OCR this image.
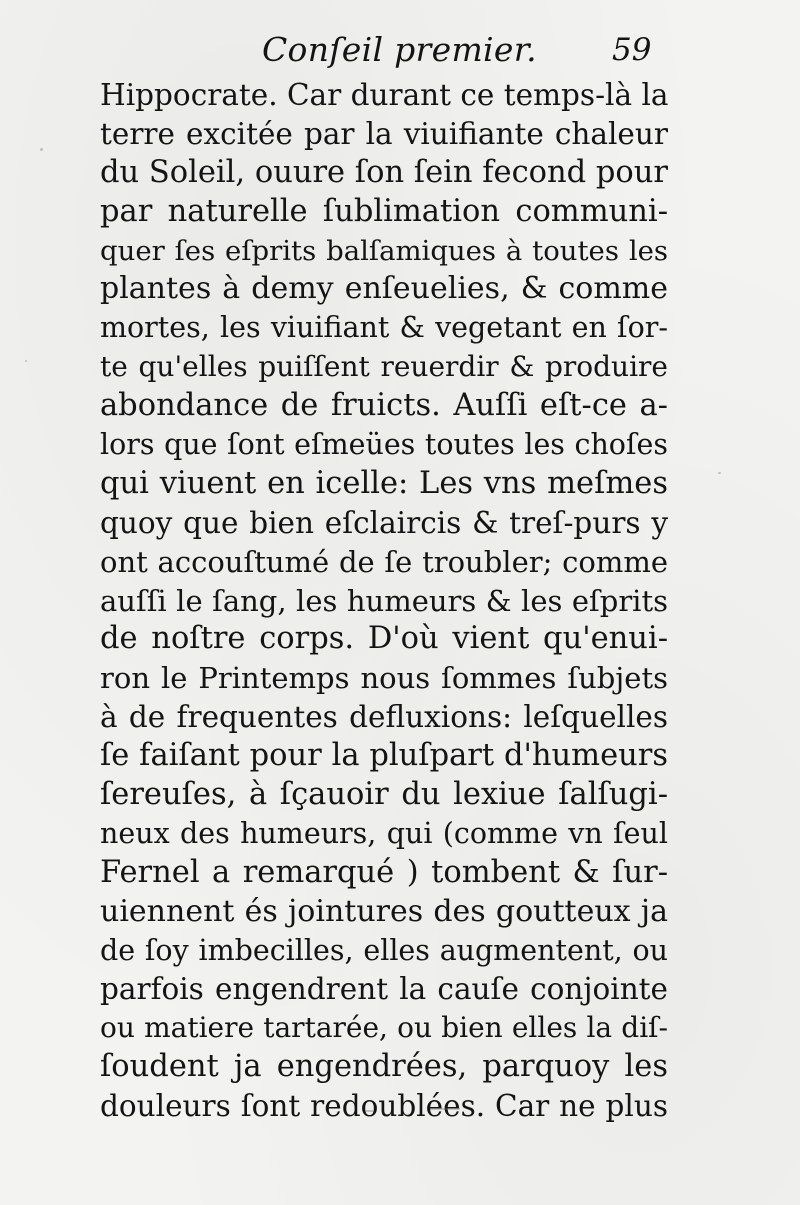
Conſeil premier. 59
Hippocrate. Car durant ce temps-là la
terre excitée par la viuifiante chaleur
du Soleil, ouure ſon ſein fecond pour
par naturelle ſublimation communi-
quer ſes eſprits balſamiques à toutes les
plantes à demy enſeuelies, & comme
mortes, les viuifiant & vegetant en ſor-
te qu'elles puiſſent reuerdir & produire
abondance de fruicts. Auſſi eſt-ce a-
lors que ſont eſmeües toutes les choſes
qui viuent en icelle: Les vns meſmes
quoy que bien eſclaircis & treſ-purs y
ont accouſtumé de ſe troubler; comme
auſſi le ſang, les humeurs & les eſprits
de noſtre corps. D'où vient qu'enui-
ron le Printemps nous ſommes ſubjets
à de frequentes defluxions: leſquelles
ſe faiſant pour la pluſpart d'humeurs
ſereuſes, à ſçauoir du lexiue ſalſugi-
neux des humeurs, qui (comme vn ſeul
Fernel a remarqué ) tombent & ſur-
uiennent és jointures des goutteux ja
de ſoy imbecilles, elles augmentent, ou
parfois engendrent la cauſe conjointe
ou matiere tartarée, ou bien elles la diſ-
ſoudent ja engendrées, parquoy les
douleurs ſont redoublées. Car ne plus
